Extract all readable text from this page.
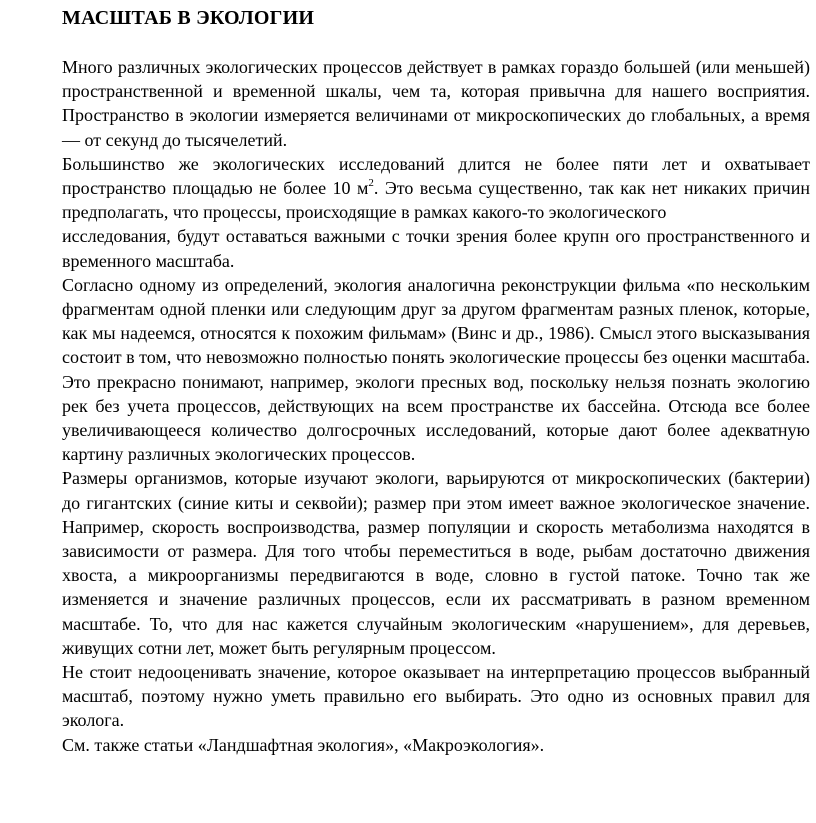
МАСШТАБ В ЭКОЛОГИИ

Много различных экологических процессов действует в рамках гораздо большей (или меньшей) пространственной и временной шкалы, чем та, которая привычна для нашего восприятия. Пространство в экологии измеряется величинами от микроскопических до глобальных, а время — от секунд до тысячелетий.

Большинство же экологических исследований длится не более пяти лет и охватывает пространство площадью не более 10 $м^2$. Это весьма существенно, так как нет никаких причин предполагать, что процессы, происходящие в рамках какого-то экологического

исследования, будут оставаться важными с точки зрения более крупн ого пространственного и временного масштаба.

Согласно одному из определений, экология аналогична реконструкции фильма «по нескольким фрагментам одной пленки или следующим друг за другом фрагментам разных пленок, которые, как мы надеемся, относятся к похожим фильмам» (Винс и др., 1986). Смысл этого высказывания состоит в том, что невозможно полностью понять экологические процессы без оценки масштаба. Это прекрасно понимают, например, экологи пресных вод, поскольку нельзя познать экологию рек без учета процессов, действующих на всем пространстве их бассейна. Отсюда все более увеличивающееся количество долгосрочных исследований, которые дают более адекватную картину различных экологических процессов.

Размеры организмов, которые изучают экологи, варьируются от микроскопических (бактерии) до гигантских (синие киты и секвойи); размер при этом имеет важное экологическое значение. Например, скорость воспроизводства, размер популяции и скорость метаболизма находятся в зависимости от размера. Для того чтобы переместиться в воде, рыбам достаточно движения хвоста, а микроорганизмы передвигаются в воде, словно в густой патоке. Точно так же изменяется и значение различных процессов, если их рассматривать в разном временном масштабе. То, что для нас кажется случайным экологическим «нарушением», для деревьев, живущих сотни лет, может быть регулярным процессом.

Не стоит недооценивать значение, которое оказывает на интерпретацию процессов выбранный масштаб, поэтому нужно уметь правильно его выбирать. Это одно из основных правил для эколога.

См. также статьи «Ландшафтная экология», «Макроэкология».
